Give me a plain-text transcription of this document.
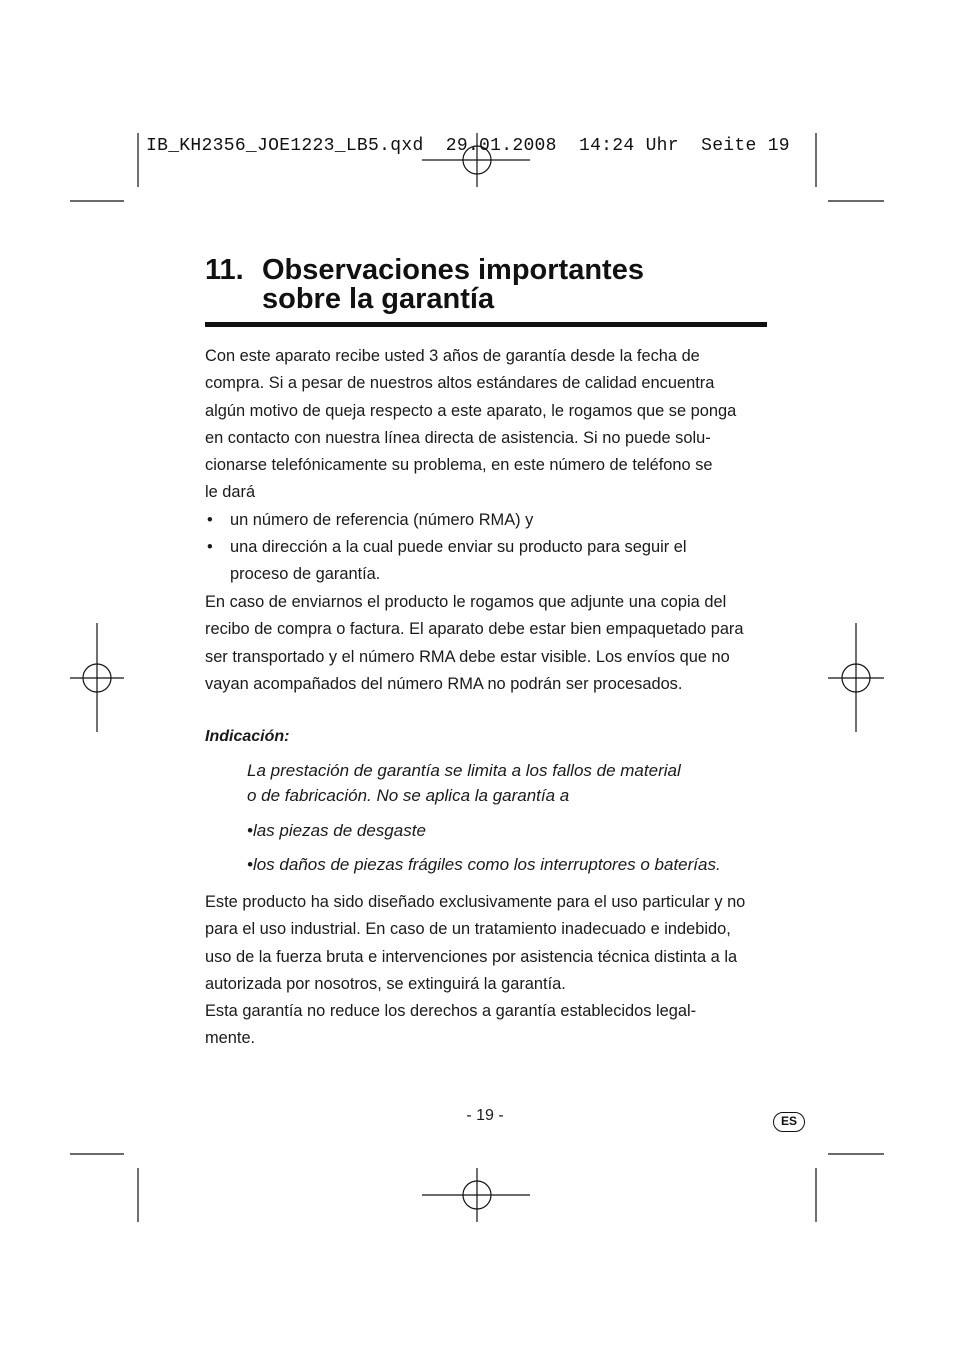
IB_KH2356_JOE1223_LB5.qxd  29.01.2008  14:24 Uhr  Seite 19
11. Observaciones importantes
sobre la garantía
Con este aparato recibe usted 3 años de garantía desde la fecha de
compra. Si a pesar de nuestros altos estándares de calidad encuentra
algún motivo de queja respecto a este aparato, le rogamos que se ponga
en contacto con nuestra línea directa de asistencia. Si no puede solu-
cionarse telefónicamente su problema, en este número de teléfono se
le dará
• un número de referencia (número RMA) y
• una dirección a la cual puede enviar su producto para seguir el
proceso de garantía.
En caso de enviarnos el producto le rogamos que adjunte una copia del
recibo de compra o factura. El aparato debe estar bien empaquetado para
ser transportado y el número RMA debe estar visible. Los envíos que no
vayan acompañados del número RMA no podrán ser procesados.
Indicación:
La prestación de garantía se limita a los fallos de material
o de fabricación. No se aplica la garantía a
•las piezas de desgaste
•los daños de piezas frágiles como los interruptores o baterías.
Este producto ha sido diseñado exclusivamente para el uso particular y no
para el uso industrial. En caso de un tratamiento inadecuado e indebido,
uso de la fuerza bruta e intervenciones por asistencia técnica distinta a la
autorizada por nosotros, se extinguirá la garantía.
Esta garantía no reduce los derechos a garantía establecidos legal-
mente.
- 19 -	ES
